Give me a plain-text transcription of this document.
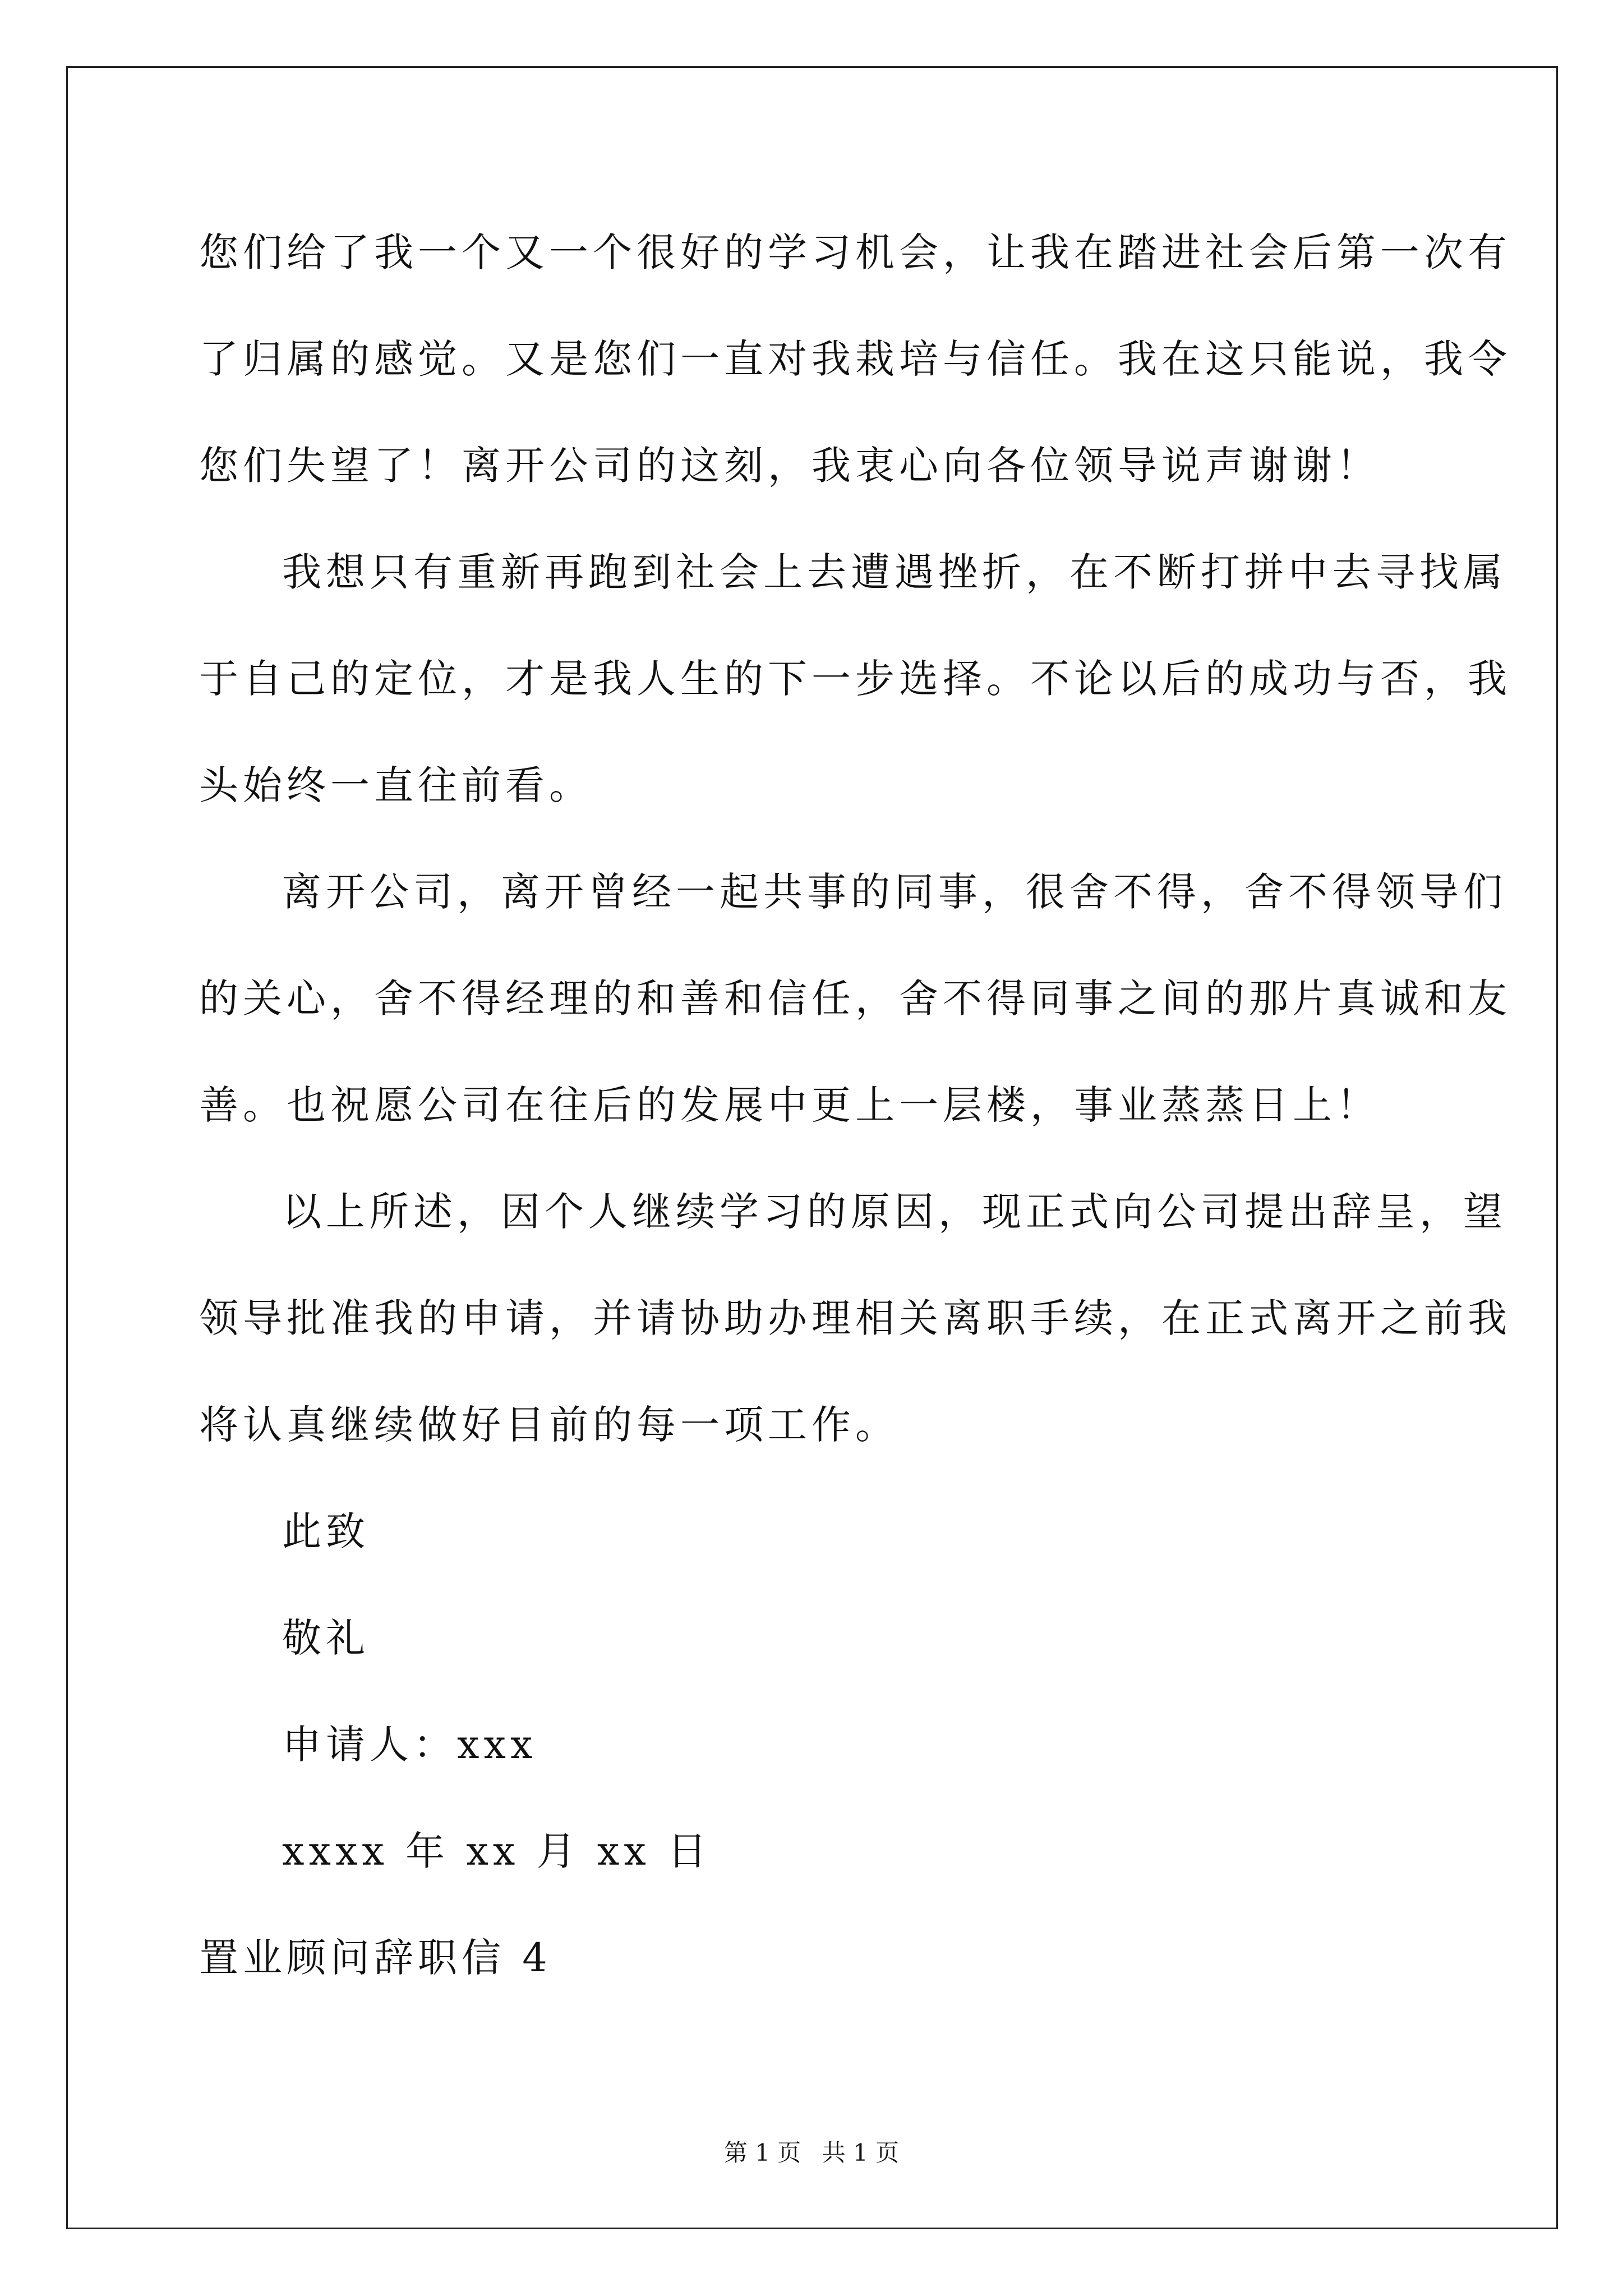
您们给了我一个又一个很好的学习机会，让我在踏进社会后第一次有
了归属的感觉。又是您们一直对我栽培与信任。我在这只能说，我令
您们失望了！离开公司的这刻，我衷心向各位领导说声谢谢！
我想只有重新再跑到社会上去遭遇挫折，在不断打拼中去寻找属
于自己的定位，才是我人生的下一步选择。不论以后的成功与否，我
头始终一直往前看。
离开公司，离开曾经一起共事的同事，很舍不得，舍不得领导们
的关心，舍不得经理的和善和信任，舍不得同事之间的那片真诚和友
善。也祝愿公司在往后的发展中更上一层楼，事业蒸蒸日上！
以上所述，因个人继续学习的原因，现正式向公司提出辞呈，望
领导批准我的申请，并请协助办理相关离职手续，在正式离开之前我
将认真继续做好目前的每一项工作。
此致
敬礼
申请人：xxx
xxxx 年 xx 月 xx 日
置业顾问辞职信 4
第 1 页 共 1 页
